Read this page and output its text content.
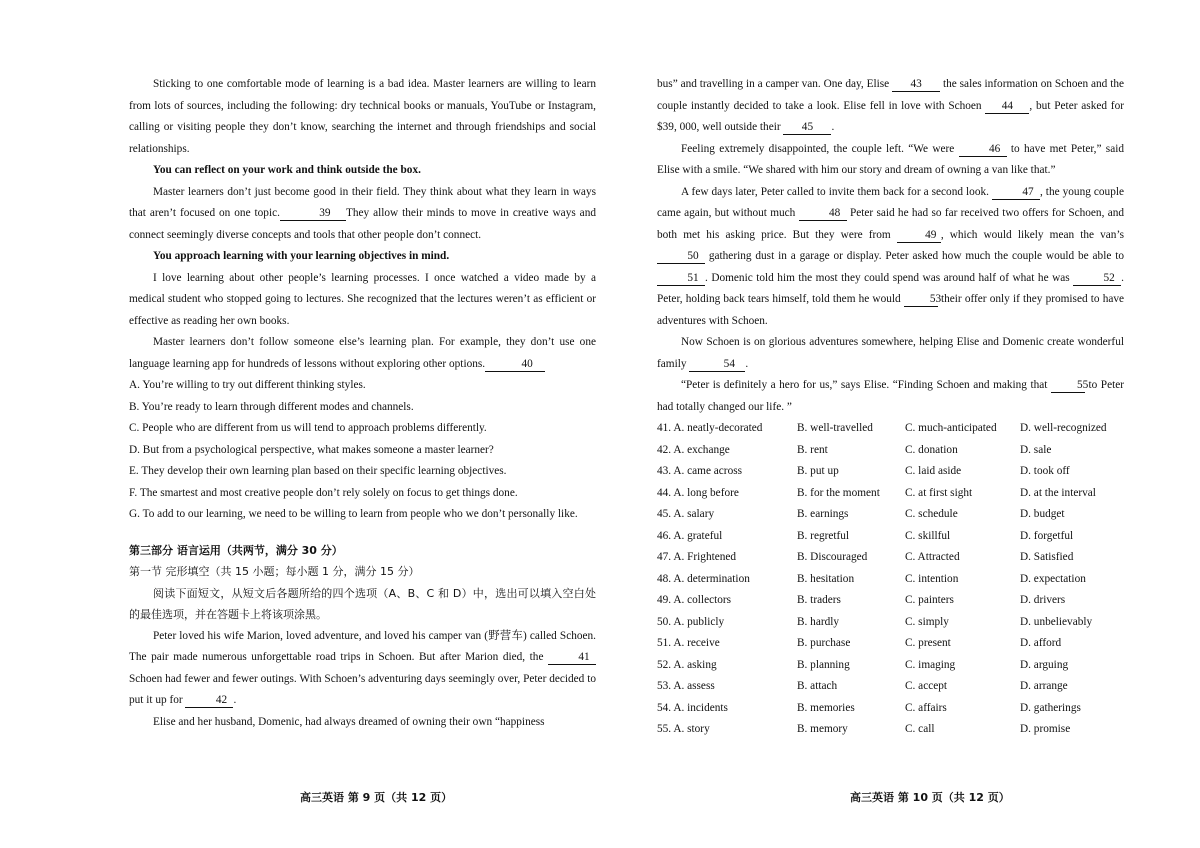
Sticking to one comfortable mode of learning is a bad idea. Master learners are willing to learn from lots of sources, including the following: dry technical books or manuals, YouTube or Instagram, calling or visiting people they don’t know, searching the internet and through friendships and social relationships.

You can reflect on your work and think outside the box.

Master learners don’t just become good in their field. They think about what they learn in ways that aren’t focused on one topic.	39 They allow their minds to move in creative ways and connect seemingly diverse concepts and tools that other people don’t connect.

You approach learning with your learning objectives in mind.

I love learning about other people’s learning processes. I once watched a video made by a medical student who stopped going to lectures. She recognized that the lectures weren’t as efficient or effective as reading her own books.

Master learners don’t follow someone else’s learning plan. For example, they don’t use one language learning app for hundreds of lessons without exploring other options.	40

A. You’re willing to try out different thinking styles.

B. You’re ready to learn through different modes and channels.

C. People who are different from us will tend to approach problems differently.

D. But from a psychological perspective, what makes someone a master learner?

E. They develop their own learning plan based on their specific learning objectives.

F. The smartest and most creative people don’t rely solely on focus to get things done.

G. To add to our learning, we need to be willing to learn from people who we don’t personally like.

第三部分 语言运用（共两节，满分 30 分）

第一节 完形填空（共 15 小题；每小题 1 分，满分 15 分）

阅读下面短文，从短文后各题所给的四个选项（A、B、C 和 D）中，选出可以填入空白处的最佳选项，并在答题卡上将该项涂黑。

Peter loved his wife Marion, loved adventure, and loved his camper van (野营车) called Schoen. The pair made numerous unforgettable road trips in Schoen. But after Marion died, the	41 Schoen had fewer and fewer outings. With Schoen’s adventuring days seemingly over, Peter decided to put it up for	42 .

Elise and her husband, Domenic, had always dreamed of owning their own “happiness

高三英语 第 9 页（共 12 页）

bus” and travelling in a camper van. One day, Elise 43 the sales information on Schoen and the couple instantly decided to take a look. Elise fell in love with Schoen 44 , but Peter asked for $39, 000, well outside their 45 .

Feeling extremely disappointed, the couple left. “We were	46 to have met Peter,” said Elise with a smile. “We shared with him our story and dream of owning a van like that.”

A few days later, Peter called to invite them back for a second look.	47 , the young couple came again, but without much	48 Peter said he had so far received two offers for Schoen, and both met his asking price. But they were from	49 , which would likely mean the van’s 50 gathering dust in a garage or display. Peter asked how much the couple would be able to 51 . Domenic told him the most they could spend was around half of what he was	52 . Peter, holding back tears himself, told them he would	53 their offer only if they promised to have adventures with Schoen.

Now Schoen is on glorious adventures somewhere, helping Elise and Domenic create wonderful family	54 .

“Peter is definitely a hero for us,” says Elise. “Finding Schoen and making that	55 to Peter had totally changed our life. ”

41. A. neatly-decorated	B. well-travelled	C. much-anticipated	D. well-recognized
42. A. exchange	B. rent	C. donation	D. sale
43. A. came across	B. put up	C. laid aside	D. took off
44. A. long before	B. for the moment	C. at first sight	D. at the interval
45. A. salary	B. earnings	C. schedule	D. budget
46. A. grateful	B. regretful	C. skillful	D. forgetful
47. A. Frightened	B. Discouraged	C. Attracted	D. Satisfied
48. A. determination	B. hesitation	C. intention	D. expectation
49. A. collectors	B. traders	C. painters	D. drivers
50. A. publicly	B. hardly	C. simply	D. unbelievably
51. A. receive	B. purchase	C. present	D. afford
52. A. asking	B. planning	C. imaging	D. arguing
53. A. assess	B. attach	C. accept	D. arrange
54. A. incidents	B. memories	C. affairs	D. gatherings
55. A. story	B. memory	C. call	D. promise
高三英语 第 10 页（共 12 页）
